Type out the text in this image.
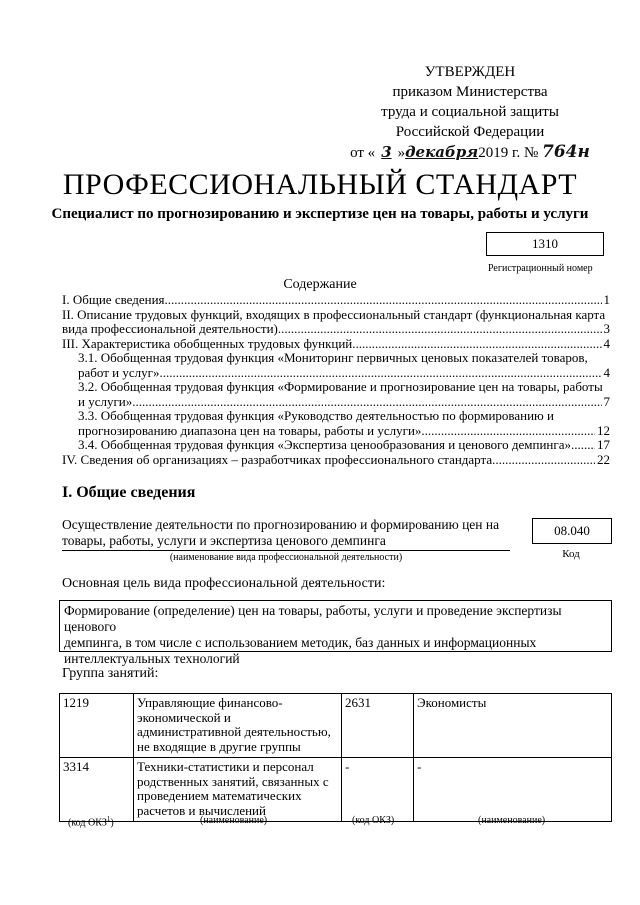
УТВЕРЖДЕН
приказом Министерства
труда и социальной защиты
Российской Федерации
от « 3 »декабря2019 г. № 764н
ПРОФЕССИОНАЛЬНЫЙ СТАНДАРТ
Специалист по прогнозированию и экспертизе цен на товары, работы и услуги
1310
Регистрационный номер
Содержание
I. Общие сведения .....	1
II. Описание трудовых функций, входящих в профессиональный стандарт (функциональная карта
вида профессиональной деятельности) .....	3
III. Характеристика обобщенных трудовых функций .....	4
3.1. Обобщенная трудовая функция «Мониторинг первичных ценовых показателей товаров,
работ и услуг» .....	4
3.2. Обобщенная трудовая функция «Формирование и прогнозирование цен на товары, работы
и услуги» .....	7
3.3. Обобщенная трудовая функция «Руководство деятельностью по формированию и
прогнозированию диапазона цен на товары, работы и услуги» .....	12
3.4. Обобщенная трудовая функция «Экспертиза ценообразования и ценового демпинга» ..... 17
IV. Сведения об организациях – разработчиках профессионального стандарта .....	22
I. Общие сведения
Осуществление деятельности по прогнозированию и формированию цен на
товары, работы, услуги и экспертиза ценового демпинга
(наименование вида профессиональной деятельности)
08.040
Код
Основная цель вида профессиональной деятельности:
Формирование (определение) цен на товары, работы, услуги и проведение экспертизы ценового
демпинга, в том числе с использованием методик, баз данных и информационных
интеллектуальных технологий
Группа занятий:
1219	Управляющие финансово-
экономической и
административной деятельностью,
не входящие в другие группы	2631	Экономисты
3314	Техники-статистики и персонал
родственных занятий, связанных с
проведением математических
расчетов и вычислений	-	-
(код ОКЗ$^1$)	(наименование)	(код ОКЗ)	(наименование)
